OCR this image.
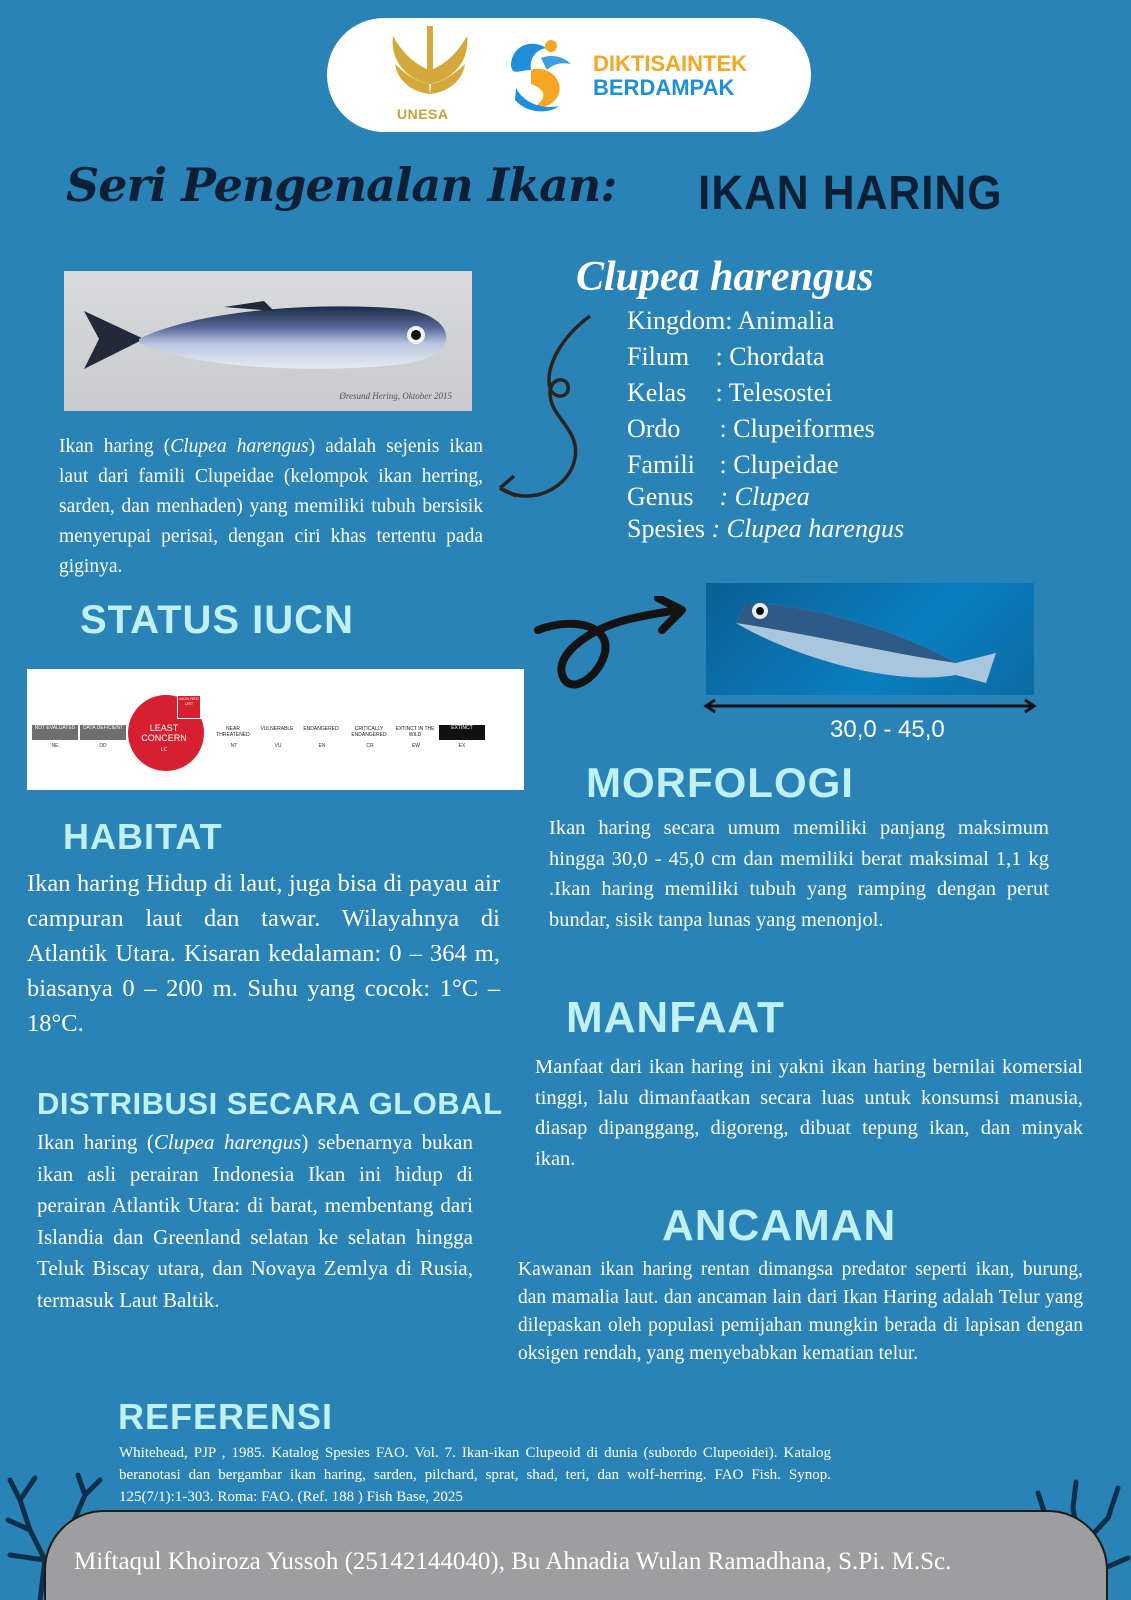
UNESA
DIKTISAINTEK
BERDAMPAK
Seri Pengenalan Ikan: IKAN HARING
Øresund Hering, Oktober 2015
Ikan haring (Clupea harengus) adalah sejenis ikan laut dari famili Clupeidae (kelompok ikan herring, sarden, dan menhaden) yang memiliki tubuh bersisik menyerupai perisai, dengan ciri khas tertentu pada giginya.
Clupea harengus
Kingdom: Animalia
Filum : Chordata
Kelas : Telesostei
Ordo : Clupeiformes
Famili : Clupeidae
Genus : Clupea
Spesies : Clupea harengus
STATUS IUCN
NOT EVALUATED
NE
DATA DEFICIENT
DD
NEAR THREATENED
NT
VULNERABLE
VU
ENDANGERED
EN
CRITICALLY ENDANGERED
CR
EXTINCT IN THE WILD
EW
EXTINCT
EX
LEAST CONCERN
LC
IUCN RED LIST
30,0 - 45,0
MORFOLOGI
Ikan haring secara umum memiliki panjang maksimum hingga 30,0 - 45,0 cm dan memiliki berat maksimal 1,1 kg .Ikan haring memiliki tubuh yang ramping dengan perut bundar, sisik tanpa lunas yang menonjol.
HABITAT
Ikan haring Hidup di laut, juga bisa di payau air campuran laut dan tawar. Wilayahnya di Atlantik Utara. Kisaran kedalaman: 0 – 364 m, biasanya 0 – 200 m. Suhu yang cocok: 1°C – 18°C.	MANFAAT
Manfaat dari ikan haring ini yakni ikan haring bernilai komersial tinggi, lalu dimanfaatkan secara luas untuk konsumsi manusia, diasap dipanggang, digoreng, dibuat tepung ikan, dan minyak ikan.
DISTRIBUSI SECARA GLOBAL
Ikan haring (Clupea harengus) sebenarnya bukan ikan asli perairan Indonesia Ikan ini hidup di perairan Atlantik Utara: di barat, membentang dari Islandia dan Greenland selatan ke selatan hingga Teluk Biscay utara, dan Novaya Zemlya di Rusia, termasuk Laut Baltik.
ANCAMAN
Kawanan ikan haring rentan dimangsa predator seperti ikan, burung, dan mamalia laut. dan ancaman lain dari Ikan Haring adalah Telur yang dilepaskan oleh populasi pemijahan mungkin berada di lapisan dengan oksigen rendah, yang menyebabkan kematian telur.
REFERENSI
Whitehead, PJP , 1985. Katalog Spesies FAO. Vol. 7. Ikan-ikan Clupeoid di dunia (subordo Clupeoidei). Katalog beranotasi dan bergambar ikan haring, sarden, pilchard, sprat, shad, teri, dan wolf-herring. FAO Fish. Synop. 125(7/1):1-303. Roma: FAO. (Ref. 188 ) Fish Base, 2025
Miftaqul Khoiroza Yussoh (25142144040), Bu Ahnadia Wulan Ramadhana, S.Pi. M.Sc.
